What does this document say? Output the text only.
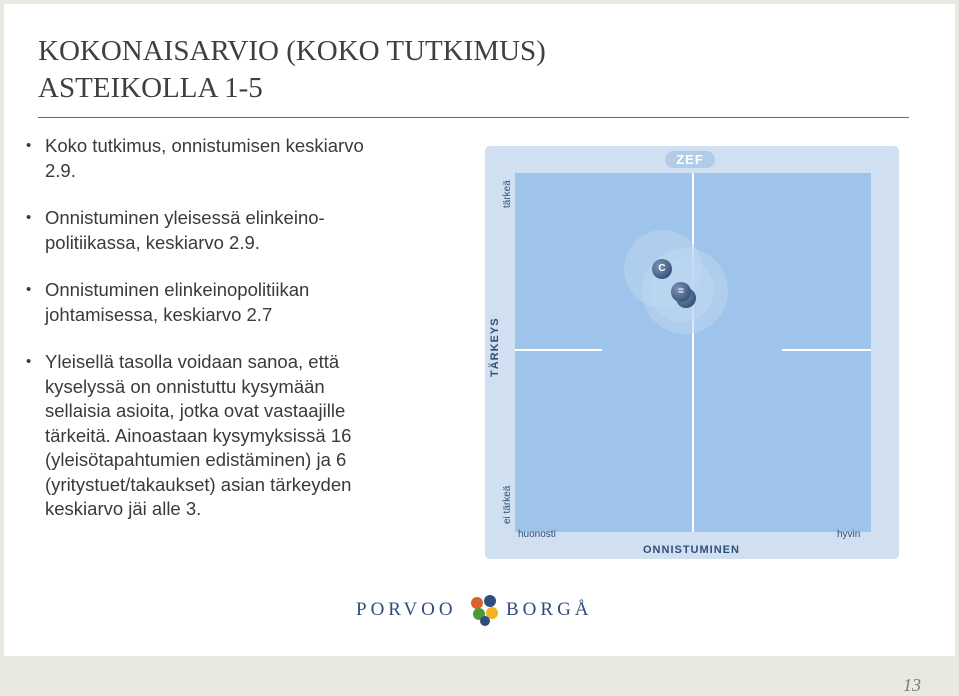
13
KOKONAISARVIO (KOKO TUTKIMUS)
ASTEIKOLLA 1-5
• Koko tutkimus, onnistumisen keskiarvo
2.9.
• Onnistuminen yleisessä elinkeino-
politiikassa, keskiarvo 2.9.
• Onnistuminen elinkeinopolitiikan
johtamisessa, keskiarvo 2.7
• Yleisellä tasolla voidaan sanoa, että
kyselyssä on onnistuttu kysymään
sellaisia asioita, jotka ovat vastaajille
tärkeitä. Ainoastaan kysymyksissä 16
(yleisötapahtumien edistäminen) ja 6
(yritystuet/takaukset) asian tärkeyden
keskiarvo jäi alle 3.
ZEF
tärkeä
TÄRKEYS
ei tärkeä
C
=
huonosti	hyvin
ONNISTUMINEN
PORVOO	BORGÅ
